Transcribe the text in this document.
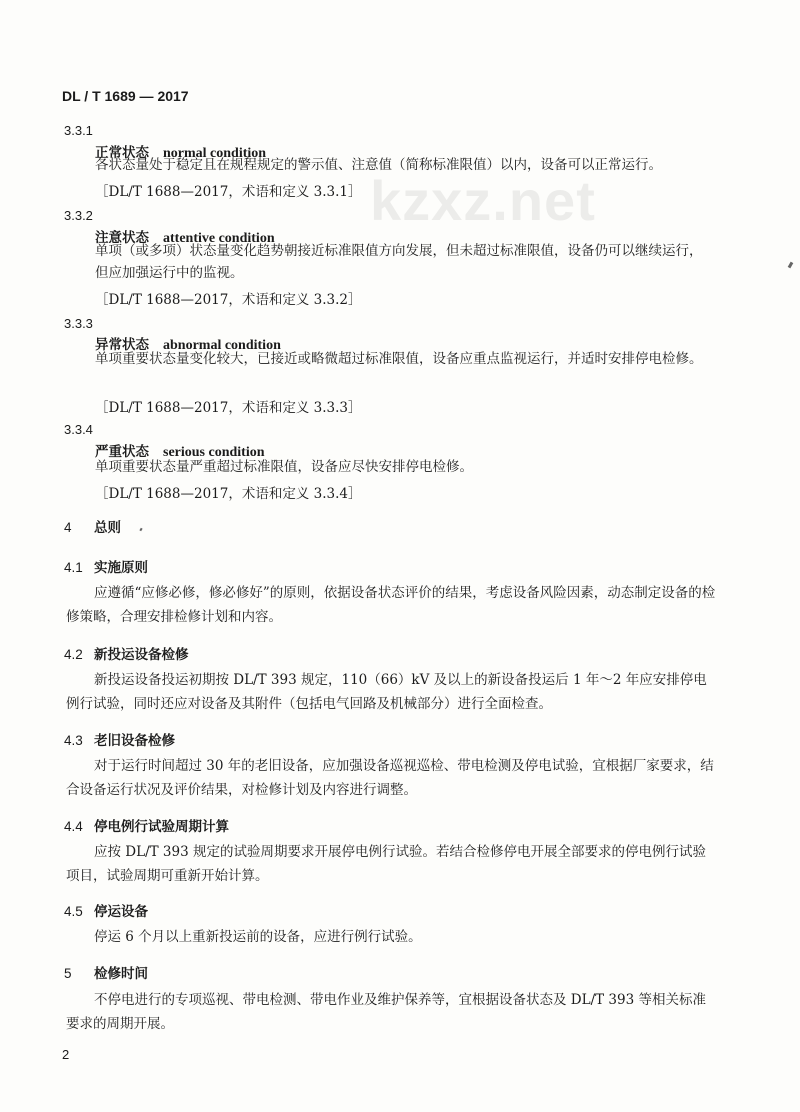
DL / T 1689 — 2017
kzxz.net
3.3.1
正常状态 normal condition
各状态量处于稳定且在规程规定的警示值、注意值（简称标准限值）以内，设备可以正常运行。
［DL/T 1688—2017，术语和定义 3.3.1］
3.3.2
注意状态 attentive condition
单项（或多项）状态量变化趋势朝接近标准限值方向发展，但未超过标准限值，设备仍可以继续运行，但应加强运行中的监视。
［DL/T 1688—2017，术语和定义 3.3.2］
3.3.3
异常状态 abnormal condition
单项重要状态量变化较大，已接近或略微超过标准限值，设备应重点监视运行，并适时安排停电检修。
［DL/T 1688—2017，术语和定义 3.3.3］
3.3.4
严重状态 serious condition
单项重要状态量严重超过标准限值，设备应尽快安排停电检修。
［DL/T 1688—2017，术语和定义 3.3.4］
4 总则
4.1 实施原则
应遵循“应修必修，修必修好”的原则，依据设备状态评价的结果，考虑设备风险因素，动态制定设备的检修策略，合理安排检修计划和内容。
4.2 新投运设备检修
新投运设备投运初期按 DL/T 393 规定，110（66）kV 及以上的新设备投运后 1 年～2 年应安排停电例行试验，同时还应对设备及其附件（包括电气回路及机械部分）进行全面检查。
4.3 老旧设备检修
对于运行时间超过 30 年的老旧设备，应加强设备巡视巡检、带电检测及停电试验，宜根据厂家要求，结合设备运行状况及评价结果，对检修计划及内容进行调整。
4.4 停电例行试验周期计算
应按 DL/T 393 规定的试验周期要求开展停电例行试验。若结合检修停电开展全部要求的停电例行试验项目，试验周期可重新开始计算。
4.5 停运设备
停运 6 个月以上重新投运前的设备，应进行例行试验。
5 检修时间
不停电进行的专项巡视、带电检测、带电作业及维护保养等，宜根据设备状态及 DL/T 393 等相关标准要求的周期开展。
2
